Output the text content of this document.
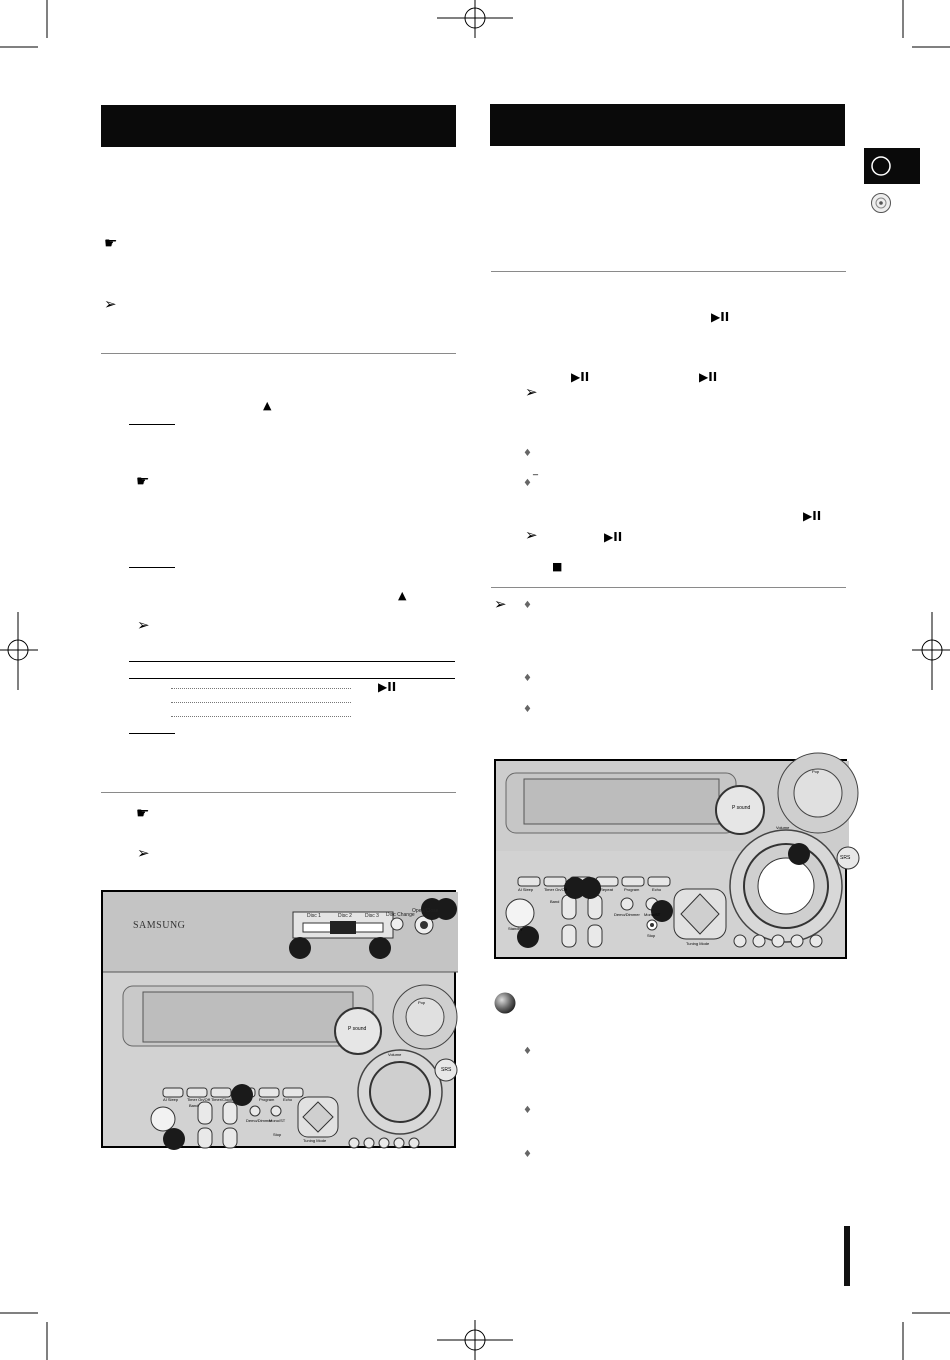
☛
➢
▲
☛
▲
➢
▶II
☛
➢
SAMSUNG
Disc 1	Disc 2	Disc 3 Disc Change
Open/Close
AI Sleep Timer On/Off Timer/Clock	Program Echo
Band
Demo/Dimmer
Mono/ST
Stop
Tuning Mode
Volume
SRS
P sound
Pop
▶II
▶II	▶II
➢
♦
_
♦
▶II
➢	▶II
■
➢ ♦
♦
♦
AI Sleep	Timer On/Off	Repeat	Program	Echo
Band
Demo/Dimmer Mono/ST
Stop
Tuning Mode
Volume
Standby
Pop
P sound
SRS
♦
♦
♦
